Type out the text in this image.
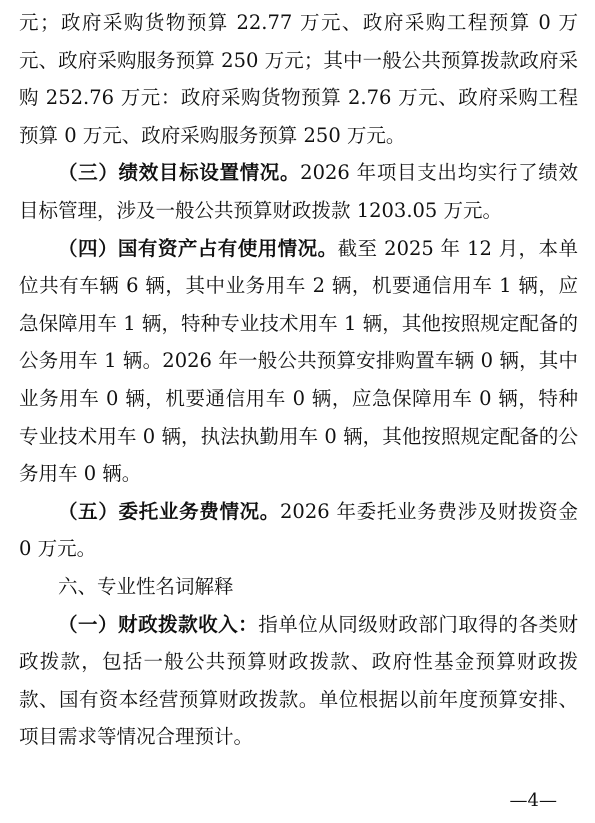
元；政府采购货物预算 22.77 万元、政府采购工程预算 0 万元、政府采购服务预算 250 万元；其中一般公共预算拨款政府采购 252.76 万元：政府采购货物预算 2.76 万元、政府采购工程预算 0 万元、政府采购服务预算 250 万元。

（三）绩效目标设置情况。2026 年项目支出均实行了绩效目标管理，涉及一般公共预算财政拨款 1203.05 万元。

（四）国有资产占有使用情况。截至 2025 年 12 月，本单位共有车辆 6 辆，其中业务用车 2 辆，机要通信用车 1 辆，应急保障用车 1 辆，特种专业技术用车 1 辆，其他按照规定配备的公务用车 1 辆。2026 年一般公共预算安排购置车辆 0 辆，其中业务用车 0 辆，机要通信用车 0 辆，应急保障用车 0 辆，特种专业技术用车 0 辆，执法执勤用车 0 辆，其他按照规定配备的公务用车 0 辆。

（五）委托业务费情况。2026 年委托业务费涉及财拨资金 0 万元。

六、专业性名词解释

（一）财政拨款收入：指单位从同级财政部门取得的各类财政拨款，包括一般公共预算财政拨款、政府性基金预算财政拨款、国有资本经营预算财政拨款。单位根据以前年度预算安排、项目需求等情况合理预计。

—4—
